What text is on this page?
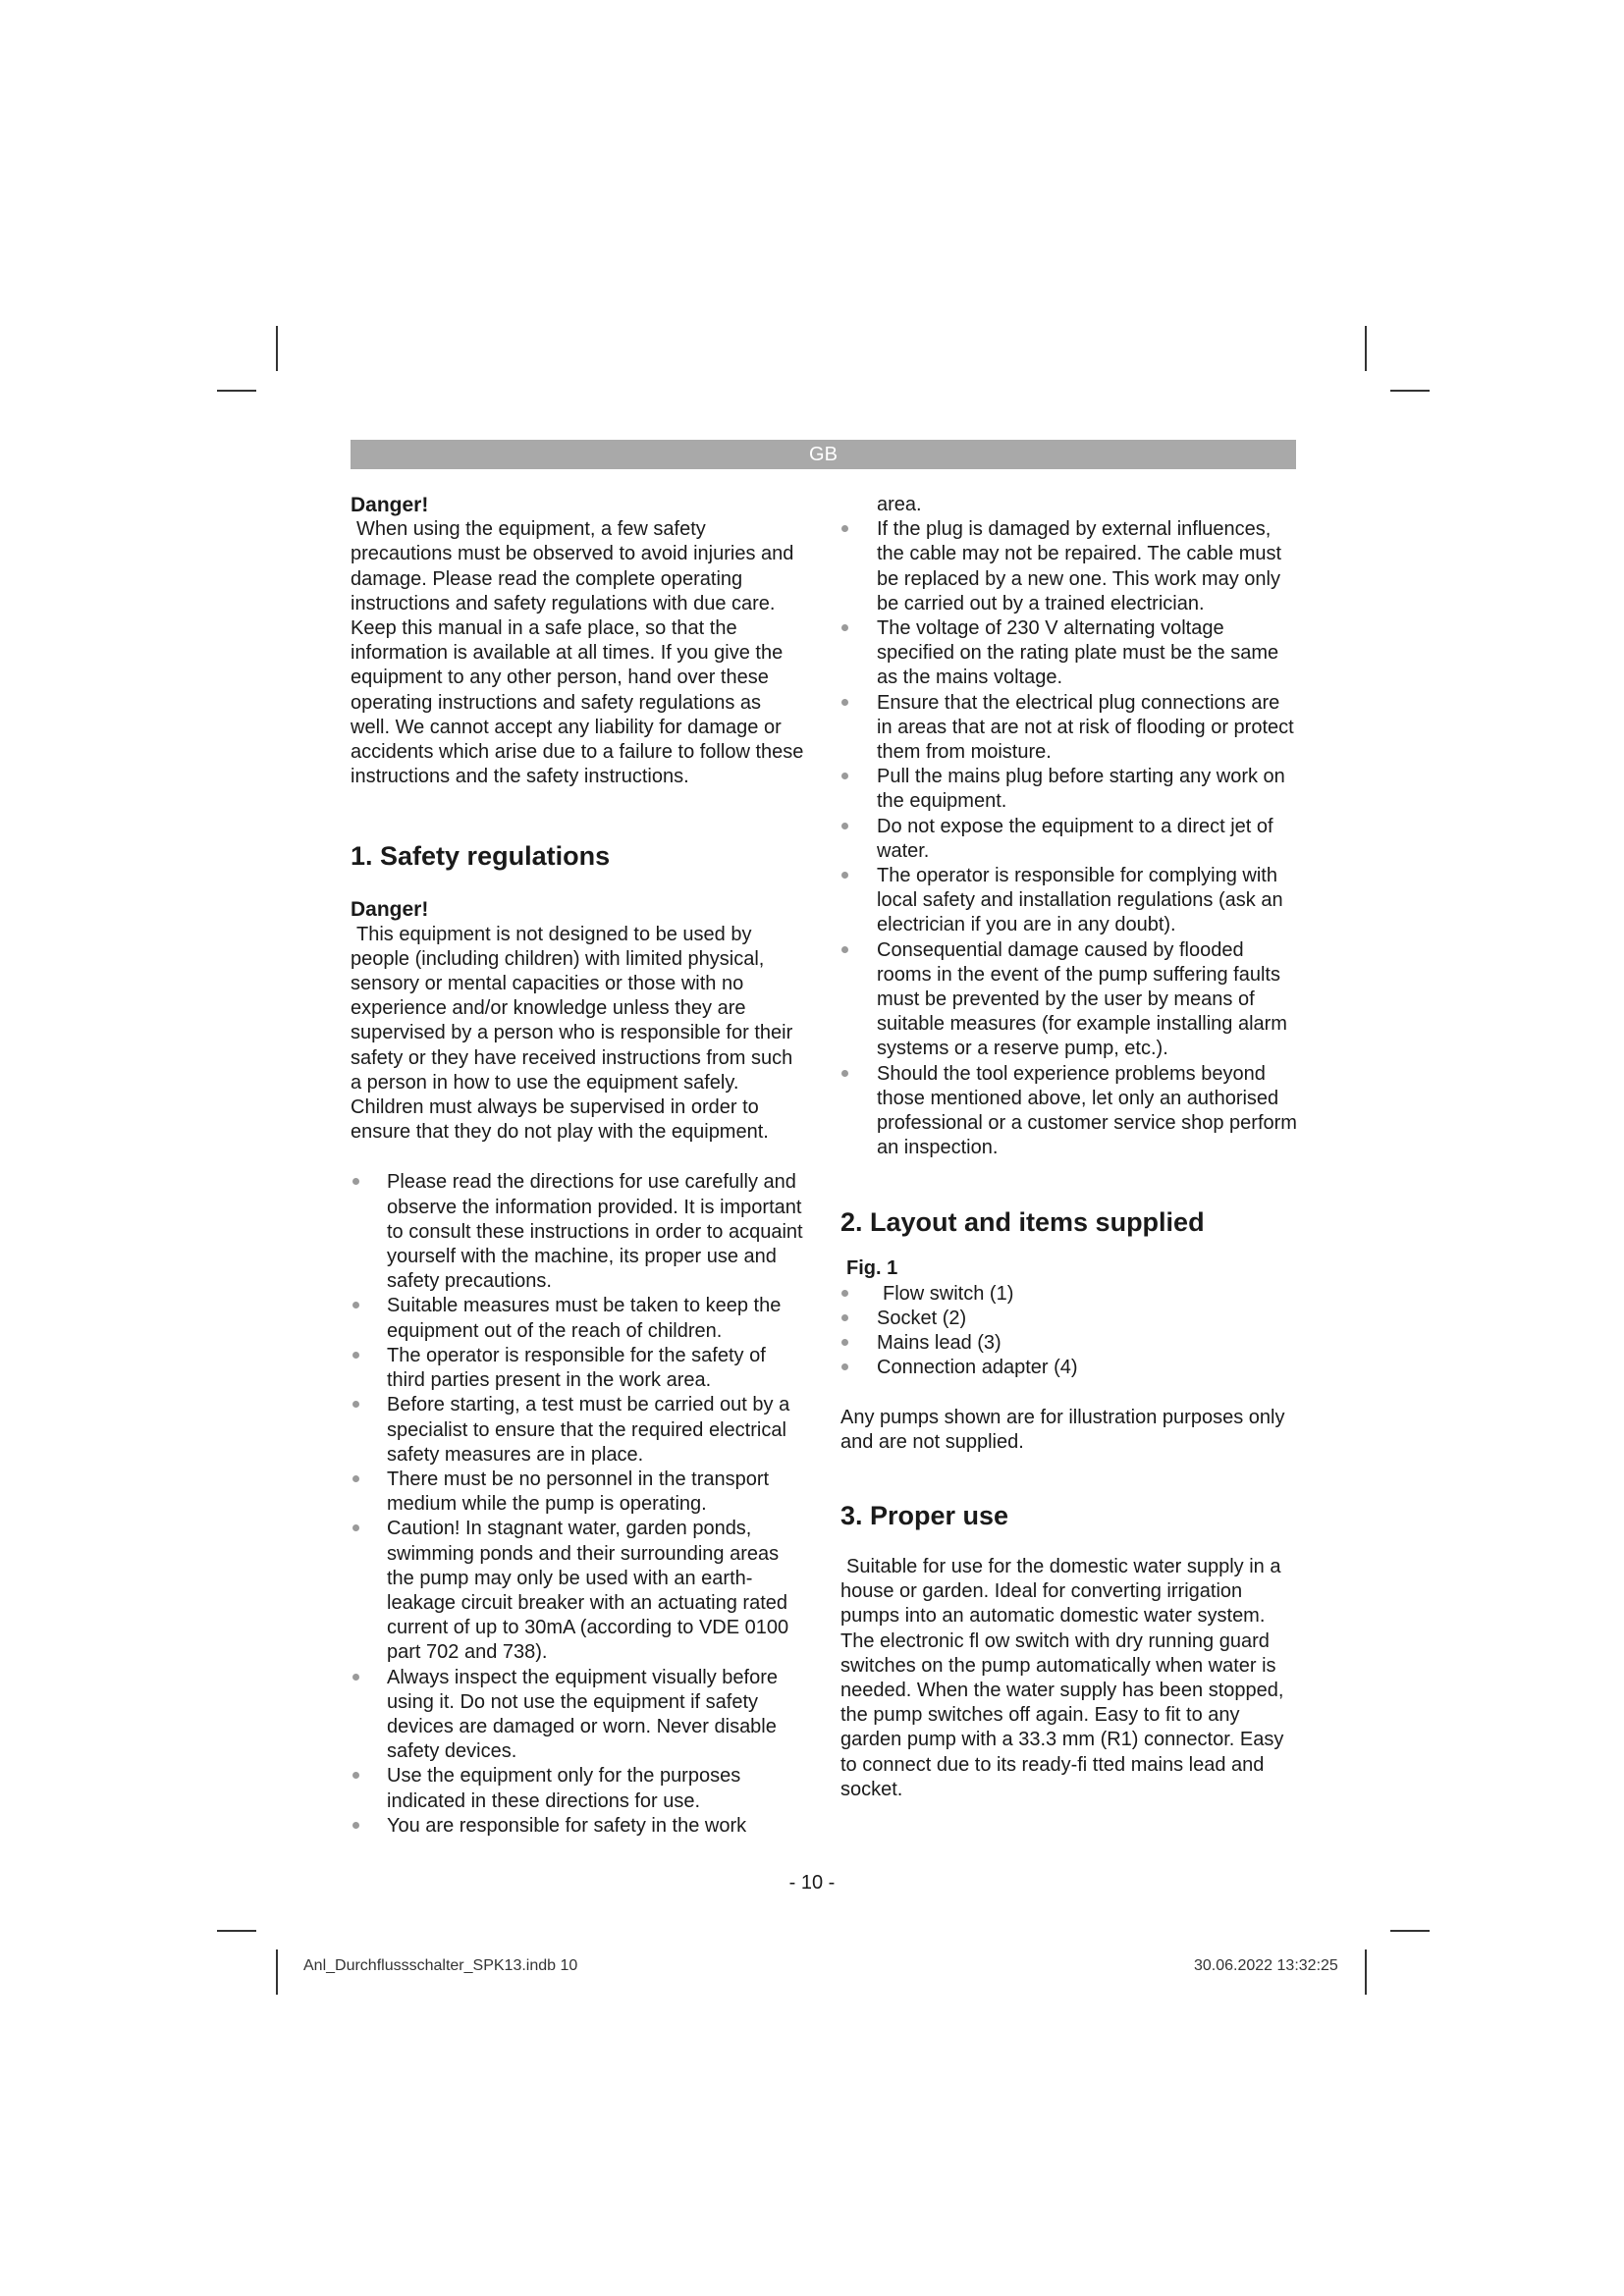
GB

Danger!

When using the equipment, a few safety precautions must be observed to avoid injuries and damage. Please read the complete operating instructions and safety regulations with due care. Keep this manual in a safe place, so that the information is available at all times. If you give the equipment to any other person, hand over these operating instructions and safety regulations as well. We cannot accept any liability for damage or accidents which arise due to a failure to follow these instructions and the safety instructions.

1. Safety regulations

Danger!

This equipment is not designed to be used by people (including children) with limited physical, sensory or mental capacities or those with no experience and/or knowledge unless they are supervised by a person who is responsible for their safety or they have received instructions from such a person in how to use the equipment safely. Children must always be supervised in order to ensure that they do not play with the equipment.

Please read the directions for use carefully and observe the information provided. It is important to consult these instructions in order to acquaint yourself with the machine, its proper use and safety precautions.
Suitable measures must be taken to keep the equipment out of the reach of children.
The operator is responsible for the safety of third parties present in the work area.
Before starting, a test must be carried out by a specialist to ensure that the required electrical safety measures are in place.
There must be no personnel in the transport medium while the pump is operating.
Caution! In stagnant water, garden ponds, swimming ponds and their surrounding areas the pump may only be used with an earth-leakage circuit breaker with an actuating rated current of up to 30mA (according to VDE 0100 part 702 and 738).
Always inspect the equipment visually before using it. Do not use the equipment if safety devices are damaged or worn. Never disable safety devices.
Use the equipment only for the purposes indicated in these directions for use.
You are responsible for safety in the work

area.

If the plug is damaged by external influences, the cable may not be repaired. The cable must be replaced by a new one. This work may only be carried out by a trained electrician.
The voltage of 230 V alternating voltage specified on the rating plate must be the same as the mains voltage.
Ensure that the electrical plug connections are in areas that are not at risk of flooding or protect them from moisture.
Pull the mains plug before starting any work on the equipment.
Do not expose the equipment to a direct jet of water.
The operator is responsible for complying with local safety and installation regulations (ask an electrician if you are in any doubt).
Consequential damage caused by flooded rooms in the event of the pump suffering faults must be prevented by the user by means of suitable measures (for example installing alarm systems or a reserve pump, etc.).
Should the tool experience problems beyond those mentioned above, let only an authorised professional or a customer service shop perform an inspection.

2. Layout and items supplied

Fig. 1

Flow switch (1)
Socket (2)
Mains lead (3)
Connection adapter (4)

Any pumps shown are for illustration purposes only and are not supplied.

3. Proper use

Suitable for use for the domestic water supply in a house or garden. Ideal for converting irrigation pumps into an automatic domestic water system. The electronic fl ow switch with dry running guard switches on the pump automatically when water is needed. When the water supply has been stopped, the pump switches off again. Easy to fit to any garden pump with a 33.3 mm (R1) connector. Easy to connect due to its ready-fi tted mains lead and socket.

- 10 -
Anl_Durchflussschalter_SPK13.indb 10	30.06.2022 13:32:25
